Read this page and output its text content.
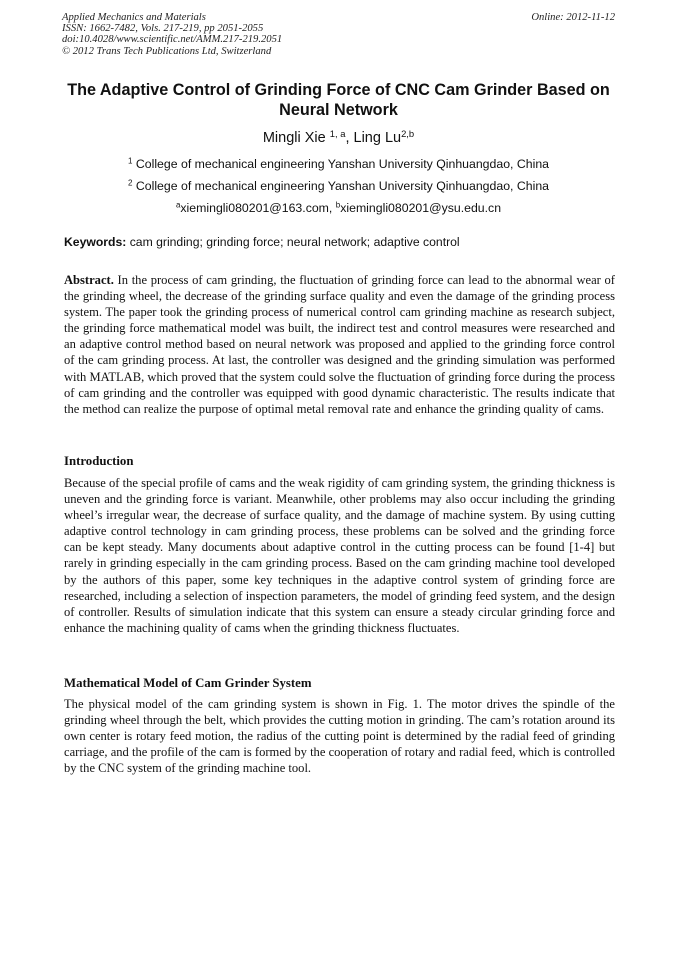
Applied Mechanics and Materials
ISSN: 1662-7482, Vols. 217-219, pp 2051-2055
doi:10.4028/www.scientific.net/AMM.217-219.2051
© 2012 Trans Tech Publications Ltd, Switzerland
Online: 2012-11-12
The Adaptive Control of Grinding Force of CNC Cam Grinder Based on Neural Network
Mingli Xie $^{1, a}$, Ling Lu$^{2,b}$
$^1$ College of mechanical engineering Yanshan University Qinhuangdao, China
$^2$ College of mechanical engineering Yanshan University Qinhuangdao, China
$^a$xiemingli080201@163.com, $^b$xiemingli080201@ysu.edu.cn
Keywords: cam grinding; grinding force; neural network; adaptive control
Abstract. In the process of cam grinding, the fluctuation of grinding force can lead to the abnormal wear of the grinding wheel, the decrease of the grinding surface quality and even the damage of the grinding process system. The paper took the grinding process of numerical control cam grinding machine as research subject, the grinding force mathematical model was built, the indirect test and control measures were researched and an adaptive control method based on neural network was proposed and applied to the grinding force control of the cam grinding process. At last, the controller was designed and the grinding simulation was performed with MATLAB, which proved that the system could solve the fluctuation of grinding force during the process of cam grinding and the controller was equipped with good dynamic characteristic. The results indicate that the method can realize the purpose of optimal metal removal rate and enhance the grinding quality of cams.
Introduction
Because of the special profile of cams and the weak rigidity of cam grinding system, the grinding thickness is uneven and the grinding force is variant. Meanwhile, other problems may also occur including the grinding wheel’s irregular wear, the decrease of surface quality, and the damage of machine system. By using cutting adaptive control technology in cam grinding process, these problems can be solved and the grinding force can be kept steady. Many documents about adaptive control in the cutting process can be found [1-4] but rarely in grinding especially in the cam grinding process. Based on the cam grinding machine tool developed by the authors of this paper, some key techniques in the adaptive control system of grinding force are researched, including a selection of inspection parameters, the model of grinding feed system, and the design of controller. Results of simulation indicate that this system can ensure a steady circular grinding force and enhance the machining quality of cams when the grinding thickness fluctuates.
Mathematical Model of Cam Grinder System
The physical model of the cam grinding system is shown in Fig. 1. The motor drives the spindle of the grinding wheel through the belt, which provides the cutting motion in grinding. The cam’s rotation around its own center is rotary feed motion, the radius of the cutting point is determined by the radial feed of grinding carriage, and the profile of the cam is formed by the cooperation of rotary and radial feed, which is controlled by the CNC system of the grinding machine tool.
